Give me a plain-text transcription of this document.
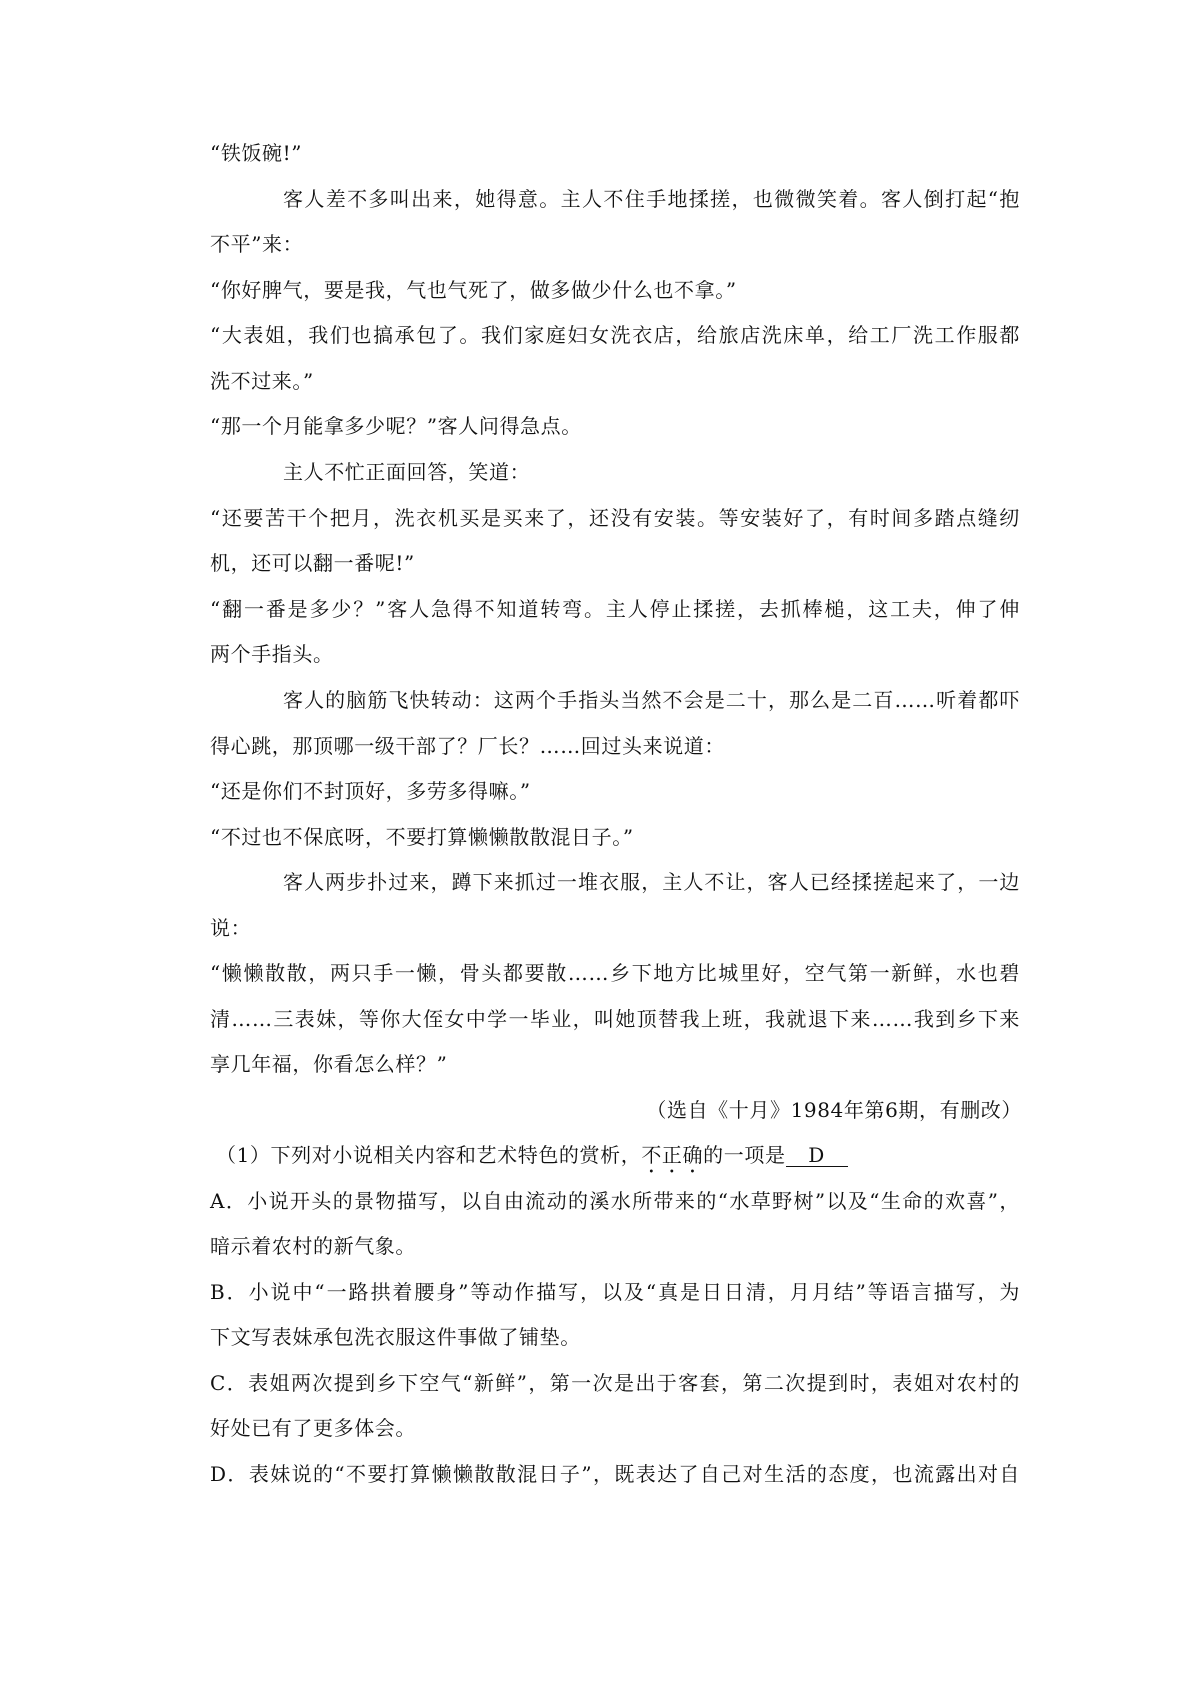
“铁饭碗!”
客人差不多叫出来，她得意。主人不住手地揉搓，也微微笑着。客人倒打起“抱
不平”来：
“你好脾气，要是我，气也气死了，做多做少什么也不拿。”
“大表姐，我们也搞承包了。我们家庭妇女洗衣店，给旅店洗床单，给工厂洗工作服都
洗不过来。”
“那一个月能拿多少呢？”客人问得急点。
主人不忙正面回答，笑道：
“还要苦干个把月，洗衣机买是买来了，还没有安装。等安装好了，有时间多踏点缝纫
机，还可以翻一番呢!”
“翻一番是多少？”客人急得不知道转弯。主人停止揉搓，去抓棒槌，这工夫，伸了伸
两个手指头。
客人的脑筋飞快转动：这两个手指头当然不会是二十，那么是二百……听着都吓
得心跳，那顶哪一级干部了？厂长？……回过头来说道：
“还是你们不封顶好，多劳多得嘛。”
“不过也不保底呀，不要打算懒懒散散混日子。”
客人两步扑过来，蹲下来抓过一堆衣服，主人不让，客人已经揉搓起来了，一边
说：
“懒懒散散，两只手一懒，骨头都要散……乡下地方比城里好，空气第一新鲜，水也碧
清……三表妹，等你大侄女中学一毕业，叫她顶替我上班，我就退下来……我到乡下来
享几年福，你看怎么样？”
（选自《十月》1984年第6期，有删改）
（1）下列对小说相关内容和艺术特色的赏析，不正确的一项是 D
A．小说开头的景物描写，以自由流动的溪水所带来的“水草野树”以及“生命的欢喜”，
暗示着农村的新气象。
B．小说中“一路拱着腰身”等动作描写，以及“真是日日清，月月结”等语言描写，为
下文写表妹承包洗衣服这件事做了铺垫。
C．表姐两次提到乡下空气“新鲜”，第一次是出于客套，第二次提到时，表姐对农村的
好处已有了更多体会。
D．表妹说的“不要打算懒懒散散混日子”，既表达了自己对生活的态度，也流露出对自
